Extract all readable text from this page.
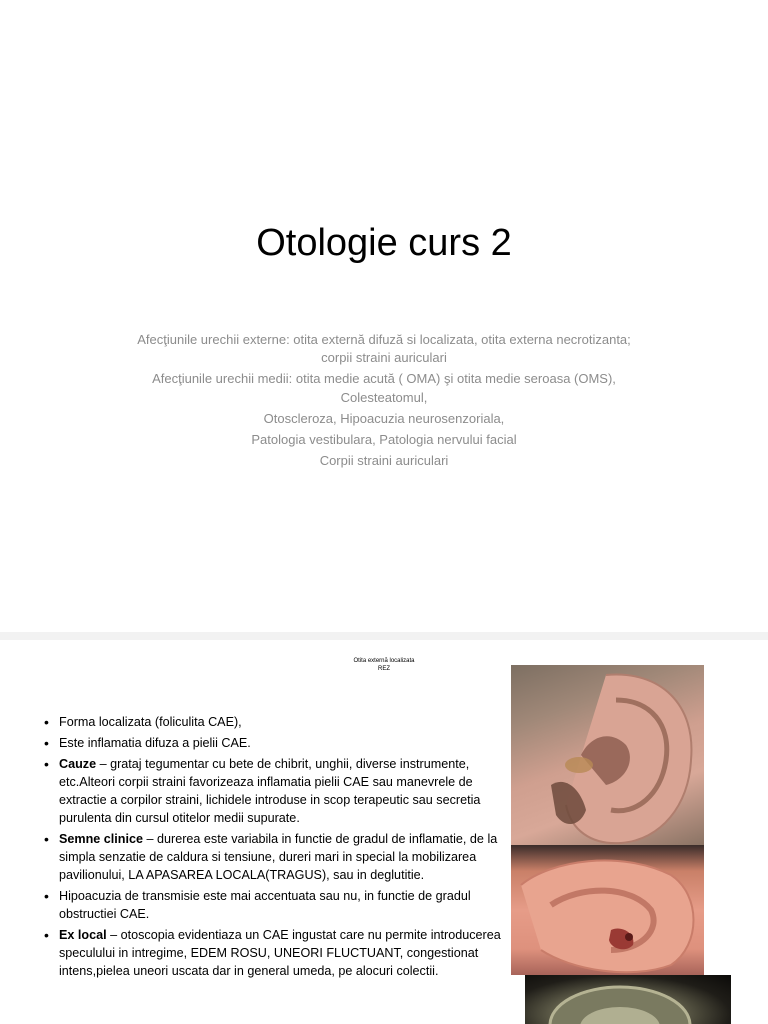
Otologie curs 2

Afecţiunile urechii externe: otita externă difuză si localizata, otita externa necrotizanta; corpii straini auriculari

Afecţiunile urechii medii: otita medie acută ( OMA) şi otita medie seroasa (OMS), Colesteatomul,

Otoscleroza, Hipoacuzia neurosenzoriala,

Patologia vestibulara, Patologia nervului facial

Corpii straini auriculari

Otita externă localizata
REZ
• Forma localizata (foliculita CAE),
• Este inflamatia difuza a pielii CAE.
• Cauze – grataj tegumentar cu bete de chibrit, unghii, diverse instrumente, etc.Alteori corpii straini favorizeaza inflamatia pielii CAE sau manevrele de extractie a corpilor straini, lichidele introduse in scop terapeutic sau secretia purulenta din cursul otitelor medii supurate.
• Semne clinice – durerea este variabila in functie de gradul de inflamatie, de la simpla senzatie de caldura si tensiune, dureri mari in special la mobilizarea pavilionului, LA APASAREA LOCALA(TRAGUS), sau in deglutitie.
• Hipoacuzia de transmisie este mai accentuata sau nu, in functie de gradul obstructiei CAE.
• Ex local – otoscopia evidentiaza un CAE ingustat care nu permite introducerea speculului in intregime, EDEM ROSU, UNEORI FLUCTUANT, congestionat intens,pielea uneori uscata dar in general umeda, pe alocuri colectii.
